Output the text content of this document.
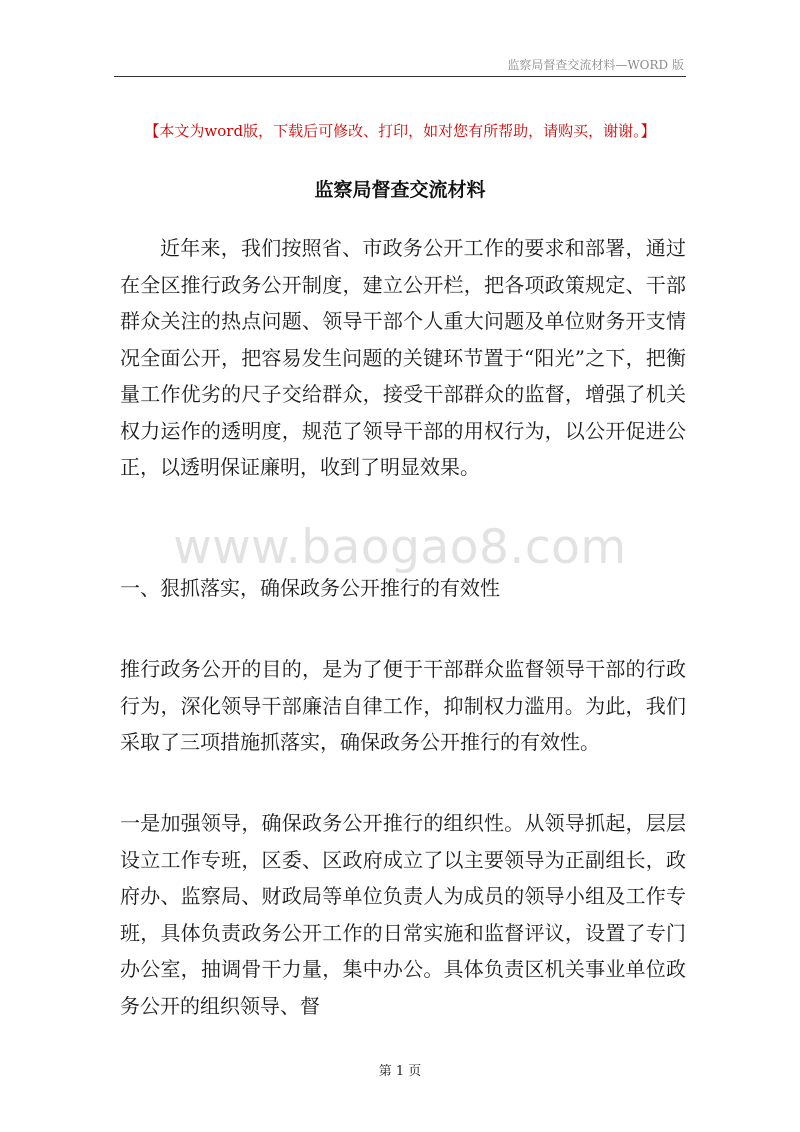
监察局督查交流材料—WORD 版
【本文为word版，下载后可修改、打印，如对您有所帮助，请购买，谢谢。】
监察局督查交流材料

近年来，我们按照省、市政务公开工作的要求和部署，通过在全区推行政务公开制度，建立公开栏，把各项政策规定、干部群众关注的热点问题、领导干部个人重大问题及单位财务开支情况全面公开，把容易发生问题的关键环节置于“阳光”之下，把衡量工作优劣的尺子交给群众，接受干部群众的监督，增强了机关权力运作的透明度，规范了领导干部的用权行为，以公开促进公正，以透明保证廉明，收到了明显效果。

www.baogao8.com

一、狠抓落实，确保政务公开推行的有效性

推行政务公开的目的，是为了便于干部群众监督领导干部的行政行为，深化领导干部廉洁自律工作，抑制权力滥用。为此，我们采取了三项措施抓落实，确保政务公开推行的有效性。

一是加强领导，确保政务公开推行的组织性。从领导抓起，层层设立工作专班，区委、区政府成立了以主要领导为正副组长，政府办、监察局、财政局等单位负责人为成员的领导小组及工作专班，具体负责政务公开工作的日常实施和监督评议，设置了专门办公室，抽调骨干力量，集中办公。具体负责区机关事业单位政务公开的组织领导、督

第 1 页
